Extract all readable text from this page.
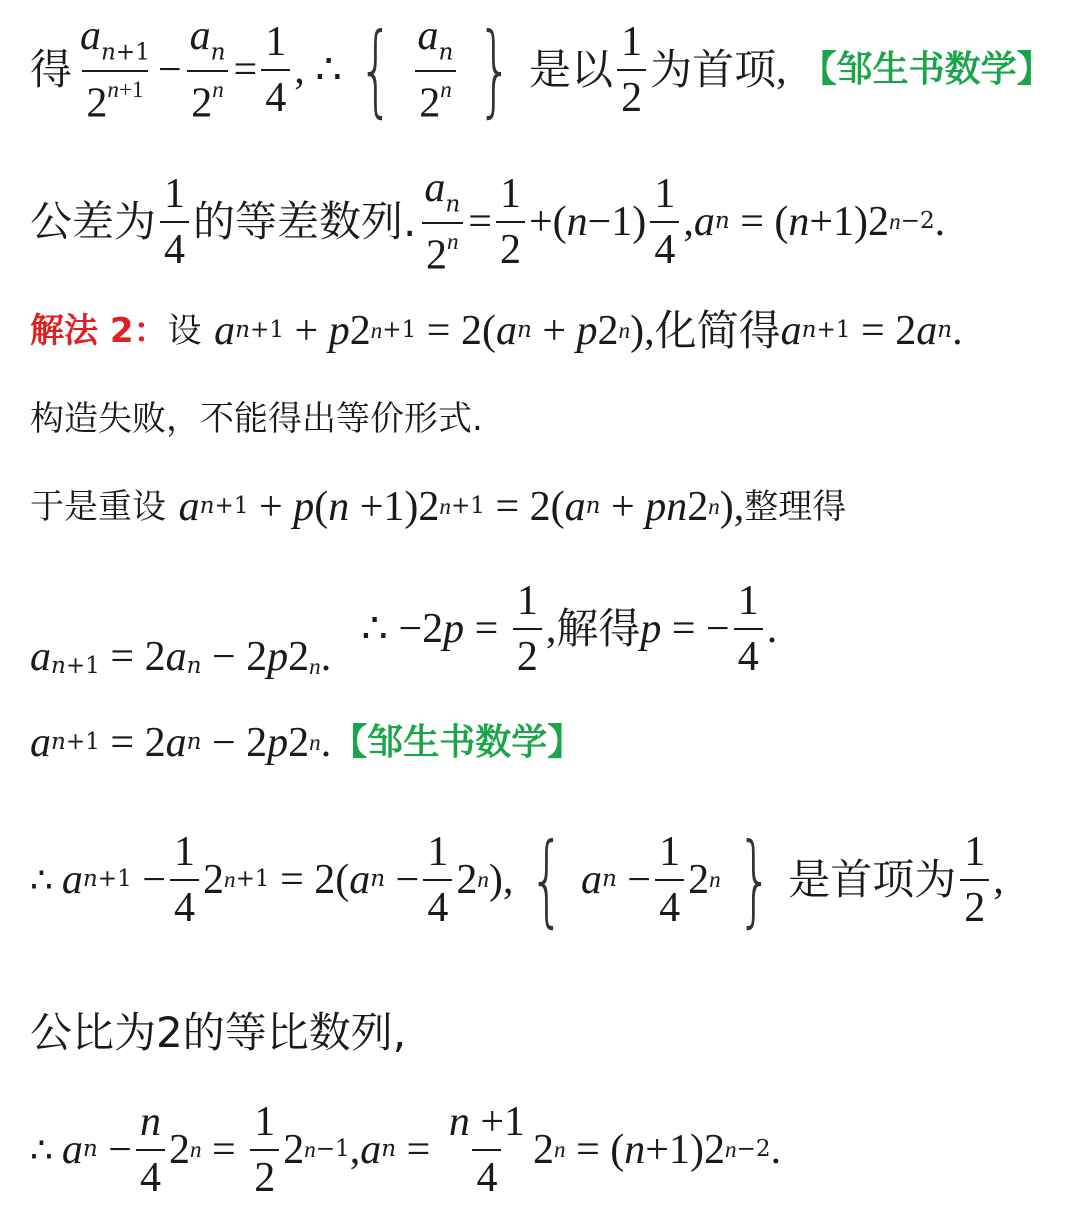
得 $\frac{a_{n+1}}{2^{n+1}} - \frac{a_n}{2^n} = \frac{1}{4}$ , ∴ { $\frac{a_n}{2^n}$ } 是以 $\frac{1}{2}$ 为首项 , 【邹生书数学】
公差为 $\frac{1}{4}$ 的等差数列. $\frac{a_n}{2^n} = \frac{1}{2}$ +( $n -1) \frac{1}{4}$ , a n = ( n +1)2 n −2 .
解法 2： 设 a n +1 + p 2 n +1 = 2( a n + p 2 n ), 化简得 a n +1 = 2 a n .
构造失败，不能得出等价形式.
于是重设 a n +1 + p ( n +1)2 n +1 = 2( a n + pn 2 n ), 整理得
a n +1 = 2 a n − 2 p 2 n .
∴ −2 $p = \frac{1}{2}$ , 解得 p = − $\frac{1}{4}$ .
a n +1 = 2 a n − 2 p 2 n . 【邹生书数学】
∴ a $n +1 - \frac{1}{4} 2$ n +1 = 2( a $n - \frac{1}{4} 2$ n ), { a $n - \frac{1}{4} 2$ n } 是首项为 $\frac{1}{2}$ ,
公比为2的等比数列,
∴ a $n - \frac{n}{4} 2$ $n = \frac{1}{2} 2$ n −1 , a $n = \frac{n +1}{4} 2$ n = ( n +1)2 n −2 .
